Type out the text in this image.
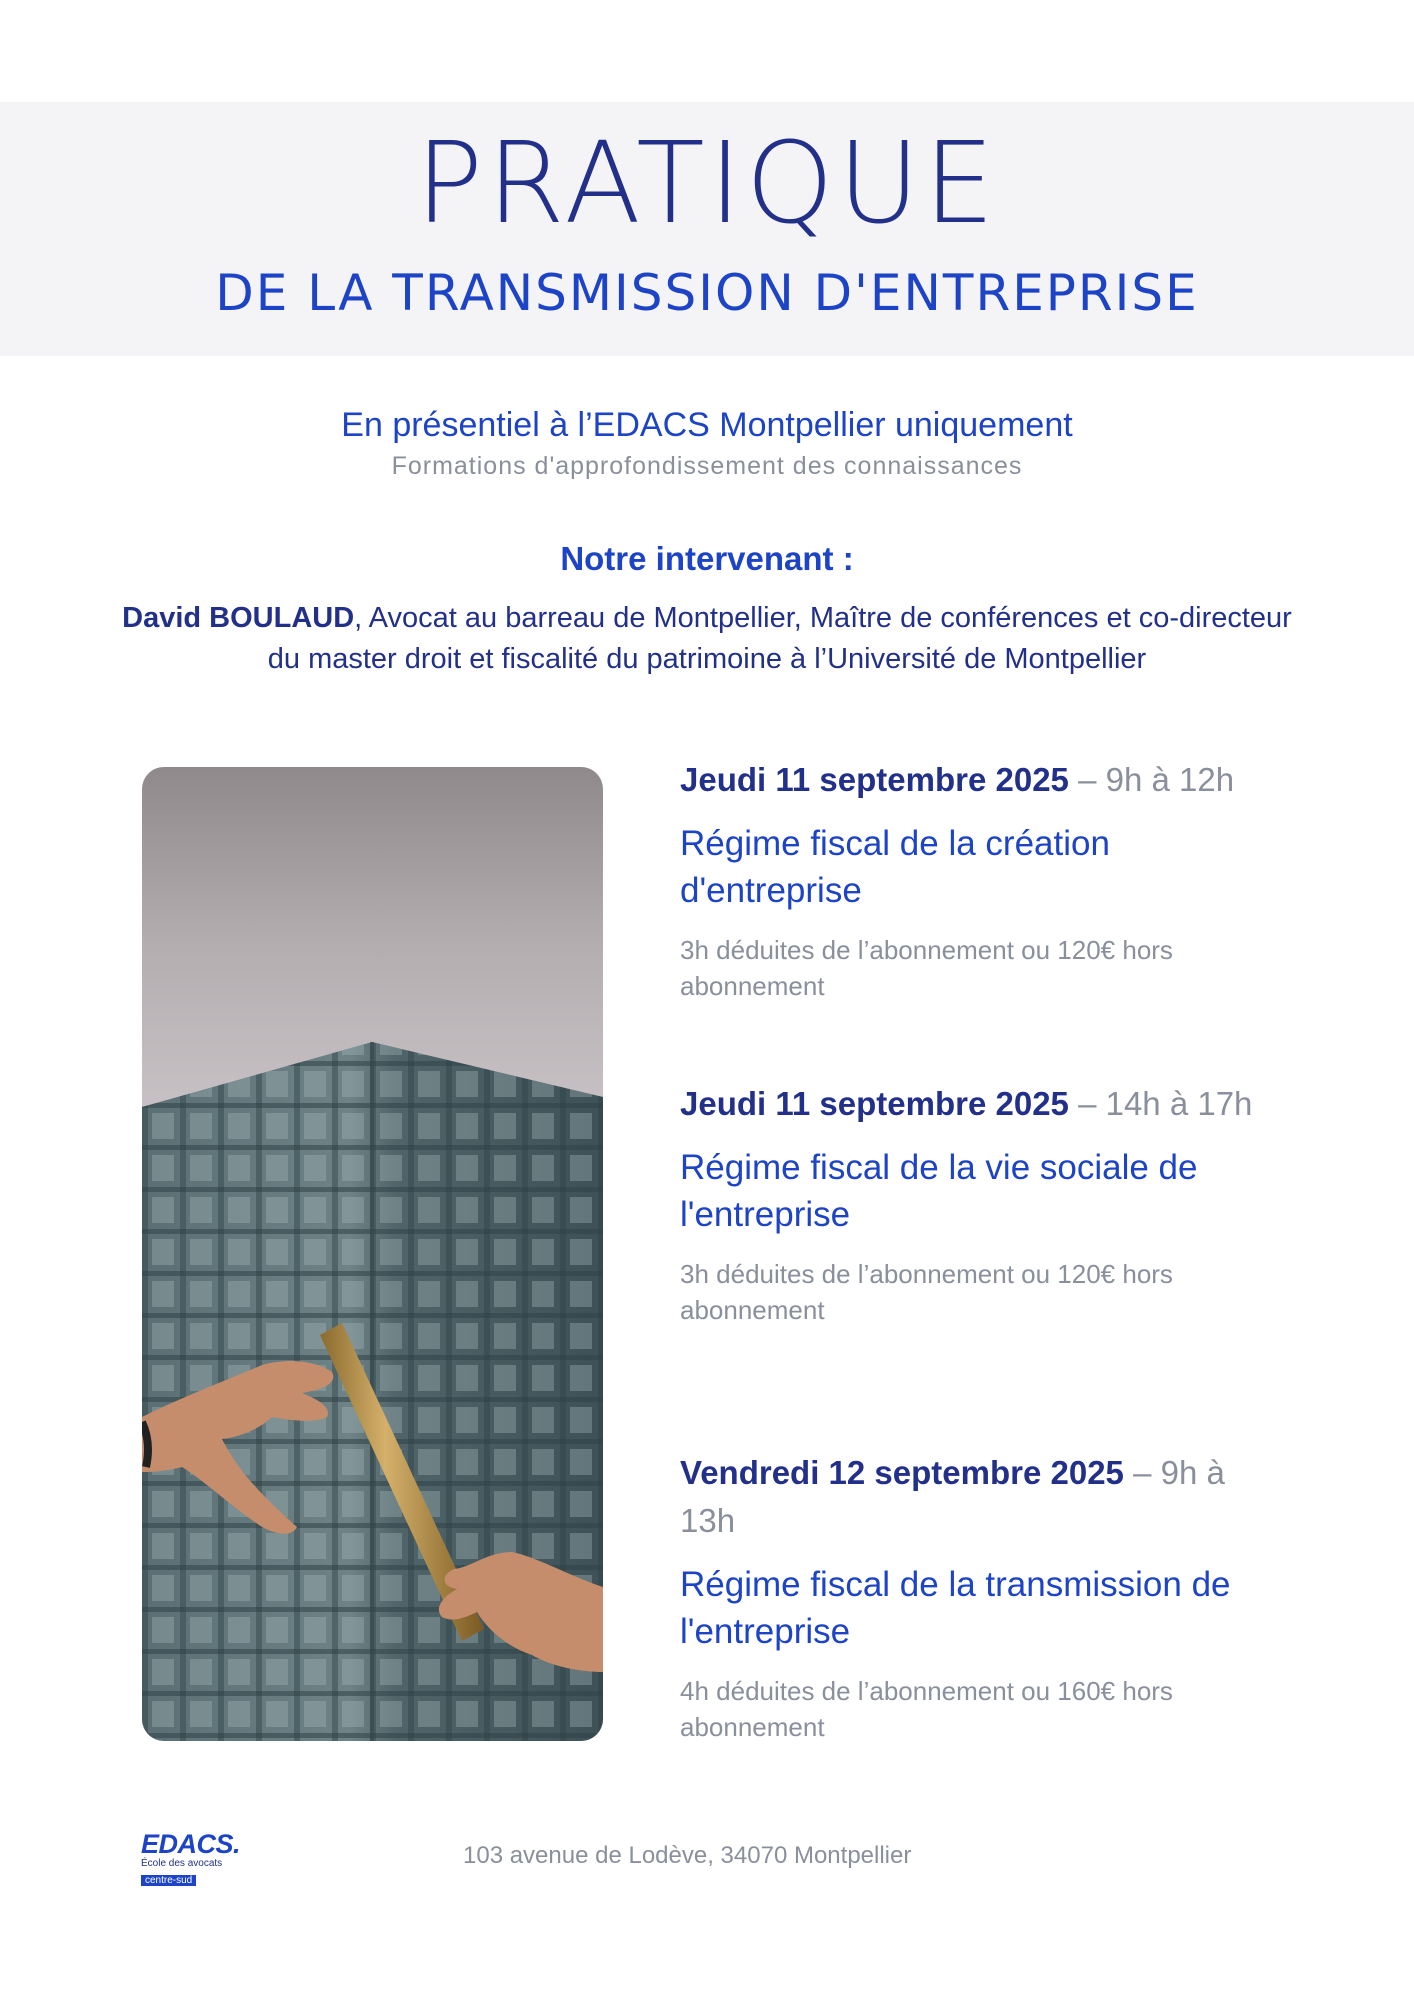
PRATIQUE
DE LA TRANSMISSION D'ENTREPRISE
En présentiel à l’EDACS Montpellier uniquement
Formations d'approfondissement des connaissances
Notre intervenant :
David BOULAUD, Avocat au barreau de Montpellier, Maître de conférences et co-directeur du master droit et fiscalité du patrimoine à l’Université de Montpellier
Jeudi 11 septembre 2025 – 9h à 12h
Régime fiscal de la création d'entreprise
3h déduites de l’abonnement ou 120€ hors abonnement
Jeudi 11 septembre 2025 – 14h à 17h
Régime fiscal de la vie sociale de l'entreprise
3h déduites de l’abonnement ou 120€ hors abonnement
Vendredi 12 septembre 2025 – 9h à 13h
Régime fiscal de la transmission de l'entreprise
4h déduites de l’abonnement ou 160€ hors abonnement
EDACS.
École des avocats
centre-sud
103 avenue de Lodève, 34070 Montpellier
